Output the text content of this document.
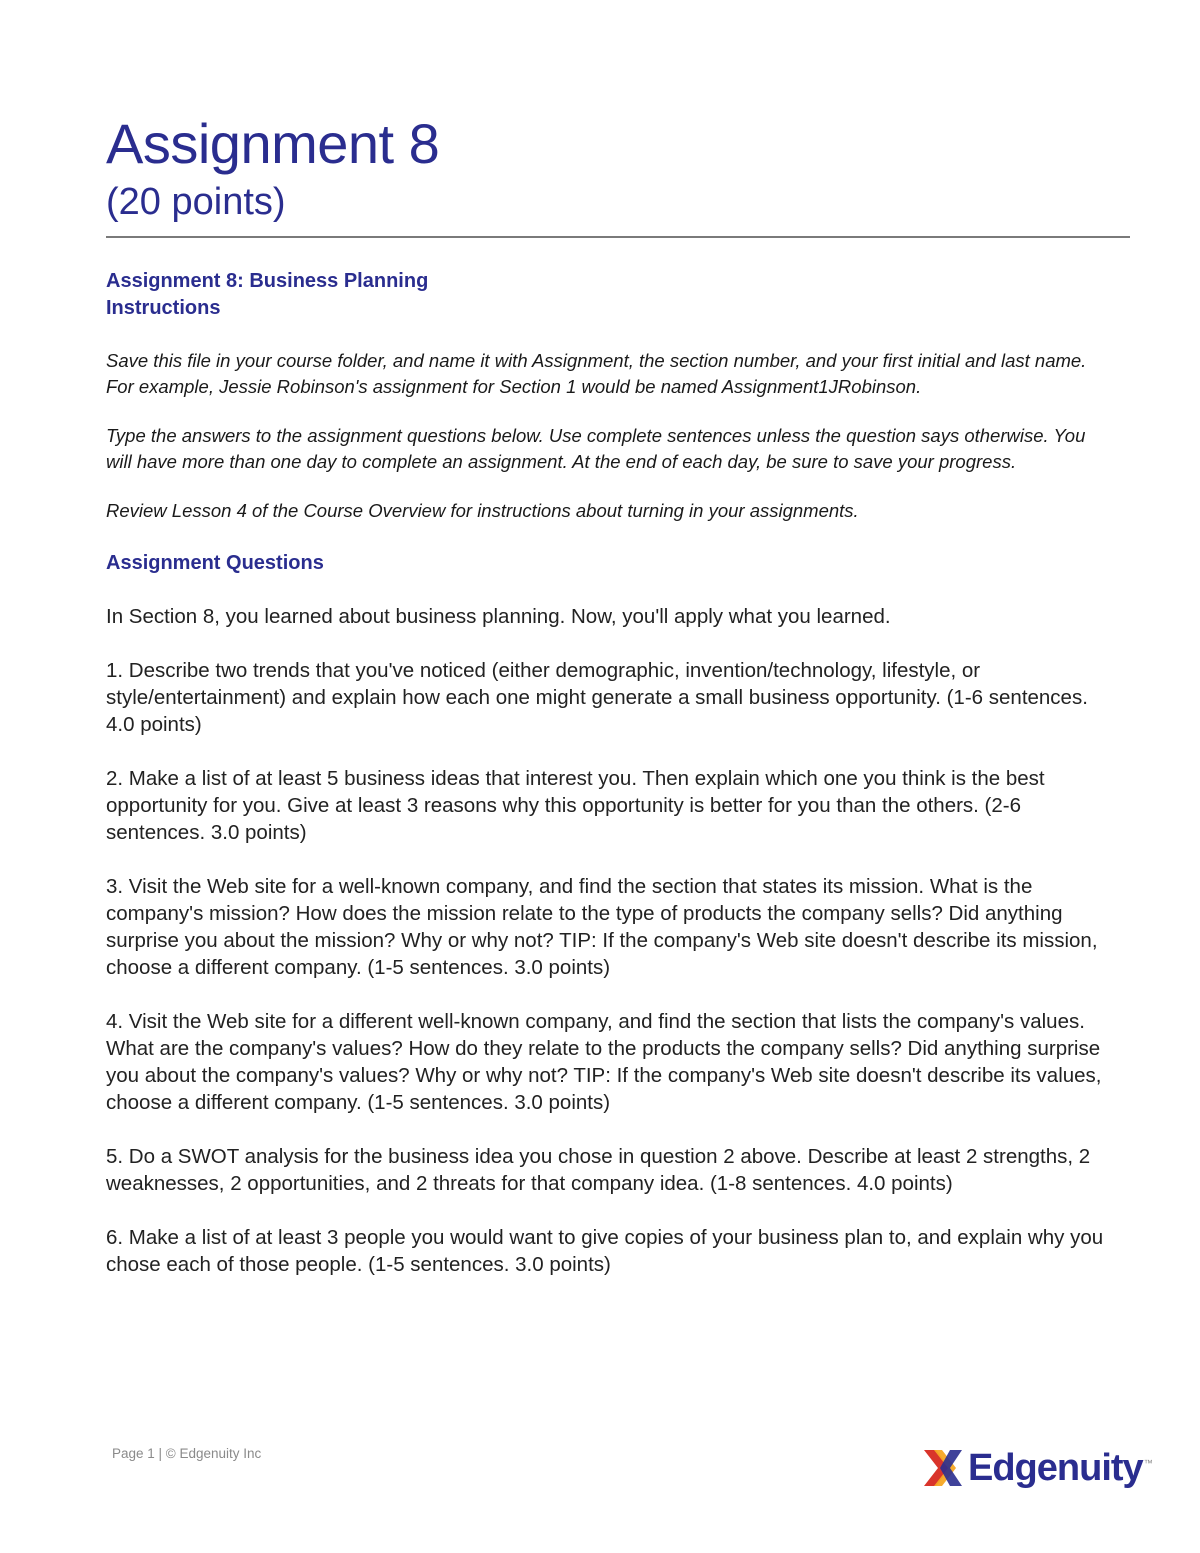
Assignment 8
(20 points)
Assignment 8: Business Planning
Instructions

Save this file in your course folder, and name it with Assignment, the section number, and your first initial and last name. For example, Jessie Robinson's assignment for Section 1 would be named Assignment1JRobinson.

Type the answers to the assignment questions below. Use complete sentences unless the question says otherwise. You will have more than one day to complete an assignment. At the end of each day, be sure to save your progress.

Review Lesson 4 of the Course Overview for instructions about turning in your assignments.

Assignment Questions

In Section 8, you learned about business planning. Now, you'll apply what you learned.

1. Describe two trends that you've noticed (either demographic, invention/technology, lifestyle, or style/entertainment) and explain how each one might generate a small business opportunity. (1-6 sentences. 4.0 points)

2. Make a list of at least 5 business ideas that interest you. Then explain which one you think is the best opportunity for you. Give at least 3 reasons why this opportunity is better for you than the others. (2-6 sentences. 3.0 points)

3. Visit the Web site for a well-known company, and find the section that states its mission. What is the company's mission? How does the mission relate to the type of products the company sells? Did anything surprise you about the mission? Why or why not? TIP: If the company's Web site doesn't describe its mission, choose a different company. (1-5 sentences. 3.0 points)

4. Visit the Web site for a different well-known company, and find the section that lists the company's values. What are the company's values? How do they relate to the products the company sells? Did anything surprise you about the company's values? Why or why not? TIP: If the company's Web site doesn't describe its values, choose a different company. (1-5 sentences. 3.0 points)

5. Do a SWOT analysis for the business idea you chose in question 2 above. Describe at least 2 strengths, 2 weaknesses, 2 opportunities, and 2 threats for that company idea. (1-8 sentences. 4.0 points)

6. Make a list of at least 3 people you would want to give copies of your business plan to, and explain why you chose each of those people. (1-5 sentences. 3.0 points)

Page 1 | © Edgenuity Inc	Edgenuity ™
